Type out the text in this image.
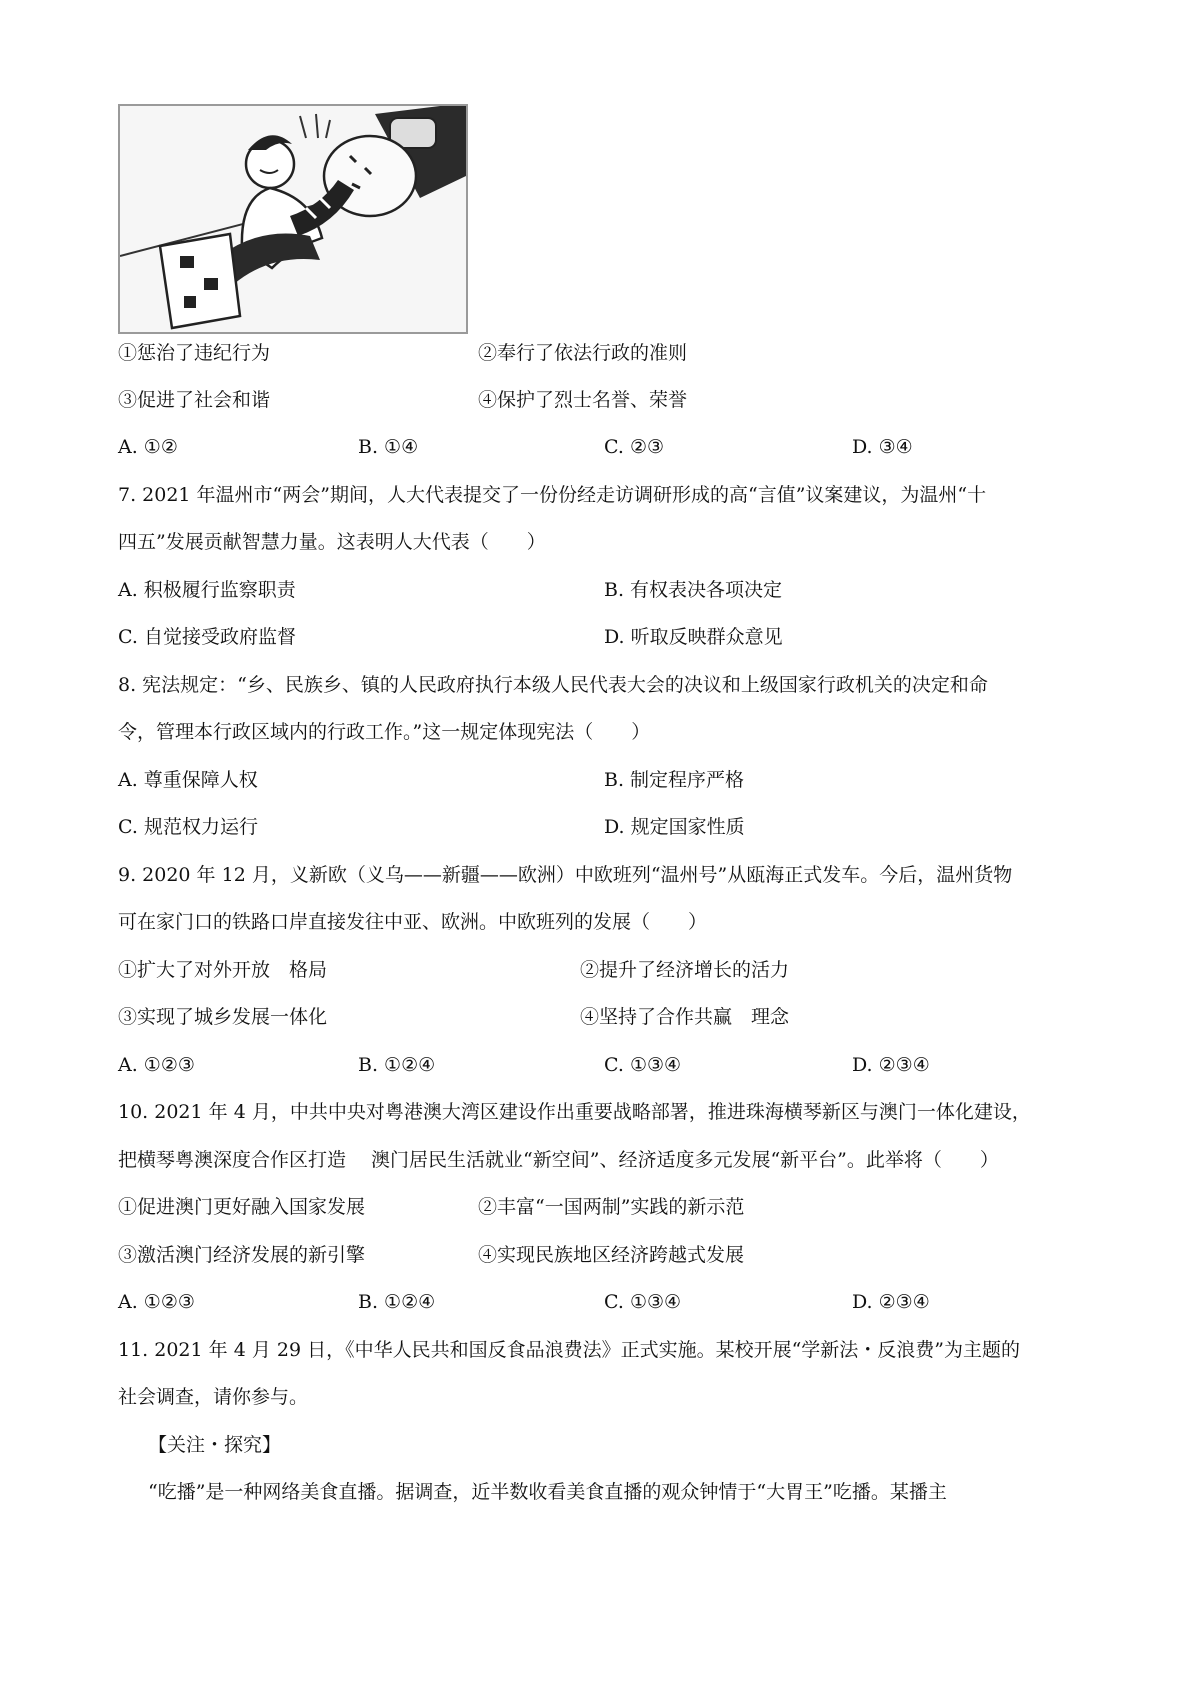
①惩治了违纪行为	②奉行了依法行政的准则
③促进了社会和谐	④保护了烈士名誉、荣誉
A. ①②	B. ①④	C. ②③	D. ③④
7. 2021 年温州市“两会”期间，人大代表提交了一份份经走访调研形成的高“言值”议案建议，为温州“十
四五”发展贡献智慧力量。这表明人大代表（　　）
A. 积极履行监察职责	B. 有权表决各项决定
C. 自觉接受政府监督	D. 听取反映群众意见
8. 宪法规定：“乡、民族乡、镇的人民政府执行本级人民代表大会的决议和上级国家行政机关的决定和命
令，管理本行政区域内的行政工作。”这一规定体现宪法（　　）
A. 尊重保障人权	B. 制定程序严格
C. 规范权力运行	D. 规定国家性质
9. 2020 年 12 月，义新欧（义乌——新疆——欧洲）中欧班列“温州号”从瓯海正式发车。今后，温州货物
可在家门口的铁路口岸直接发往中亚、欧洲。中欧班列的发展（　　）
①扩大了对外开放　格局	②提升了经济增长的活力
③实现了城乡发展一体化	④坚持了合作共赢　理念
A. ①②③	B. ①②④	C. ①③④	D. ②③④
10. 2021 年 4 月，中共中央对粤港澳大湾区建设作出重要战略部署，推进珠海横琴新区与澳门一体化建设，
把横琴粤澳深度合作区打造　 澳门居民生活就业“新空间”、经济适度多元发展“新平台”。此举将（　　）
①促进澳门更好融入国家发展	②丰富“一国两制”实践的新示范
③激活澳门经济发展的新引擎	④实现民族地区经济跨越式发展
A. ①②③	B. ①②④	C. ①③④	D. ②③④
11. 2021 年 4 月 29 日，《中华人民共和国反食品浪费法》正式实施。某校开展“学新法・反浪费”为主题的
社会调查，请你参与。
【关注・探究】
“吃播”是一种网络美食直播。据调查，近半数收看美食直播的观众钟情于“大胃王”吃播。某播主
